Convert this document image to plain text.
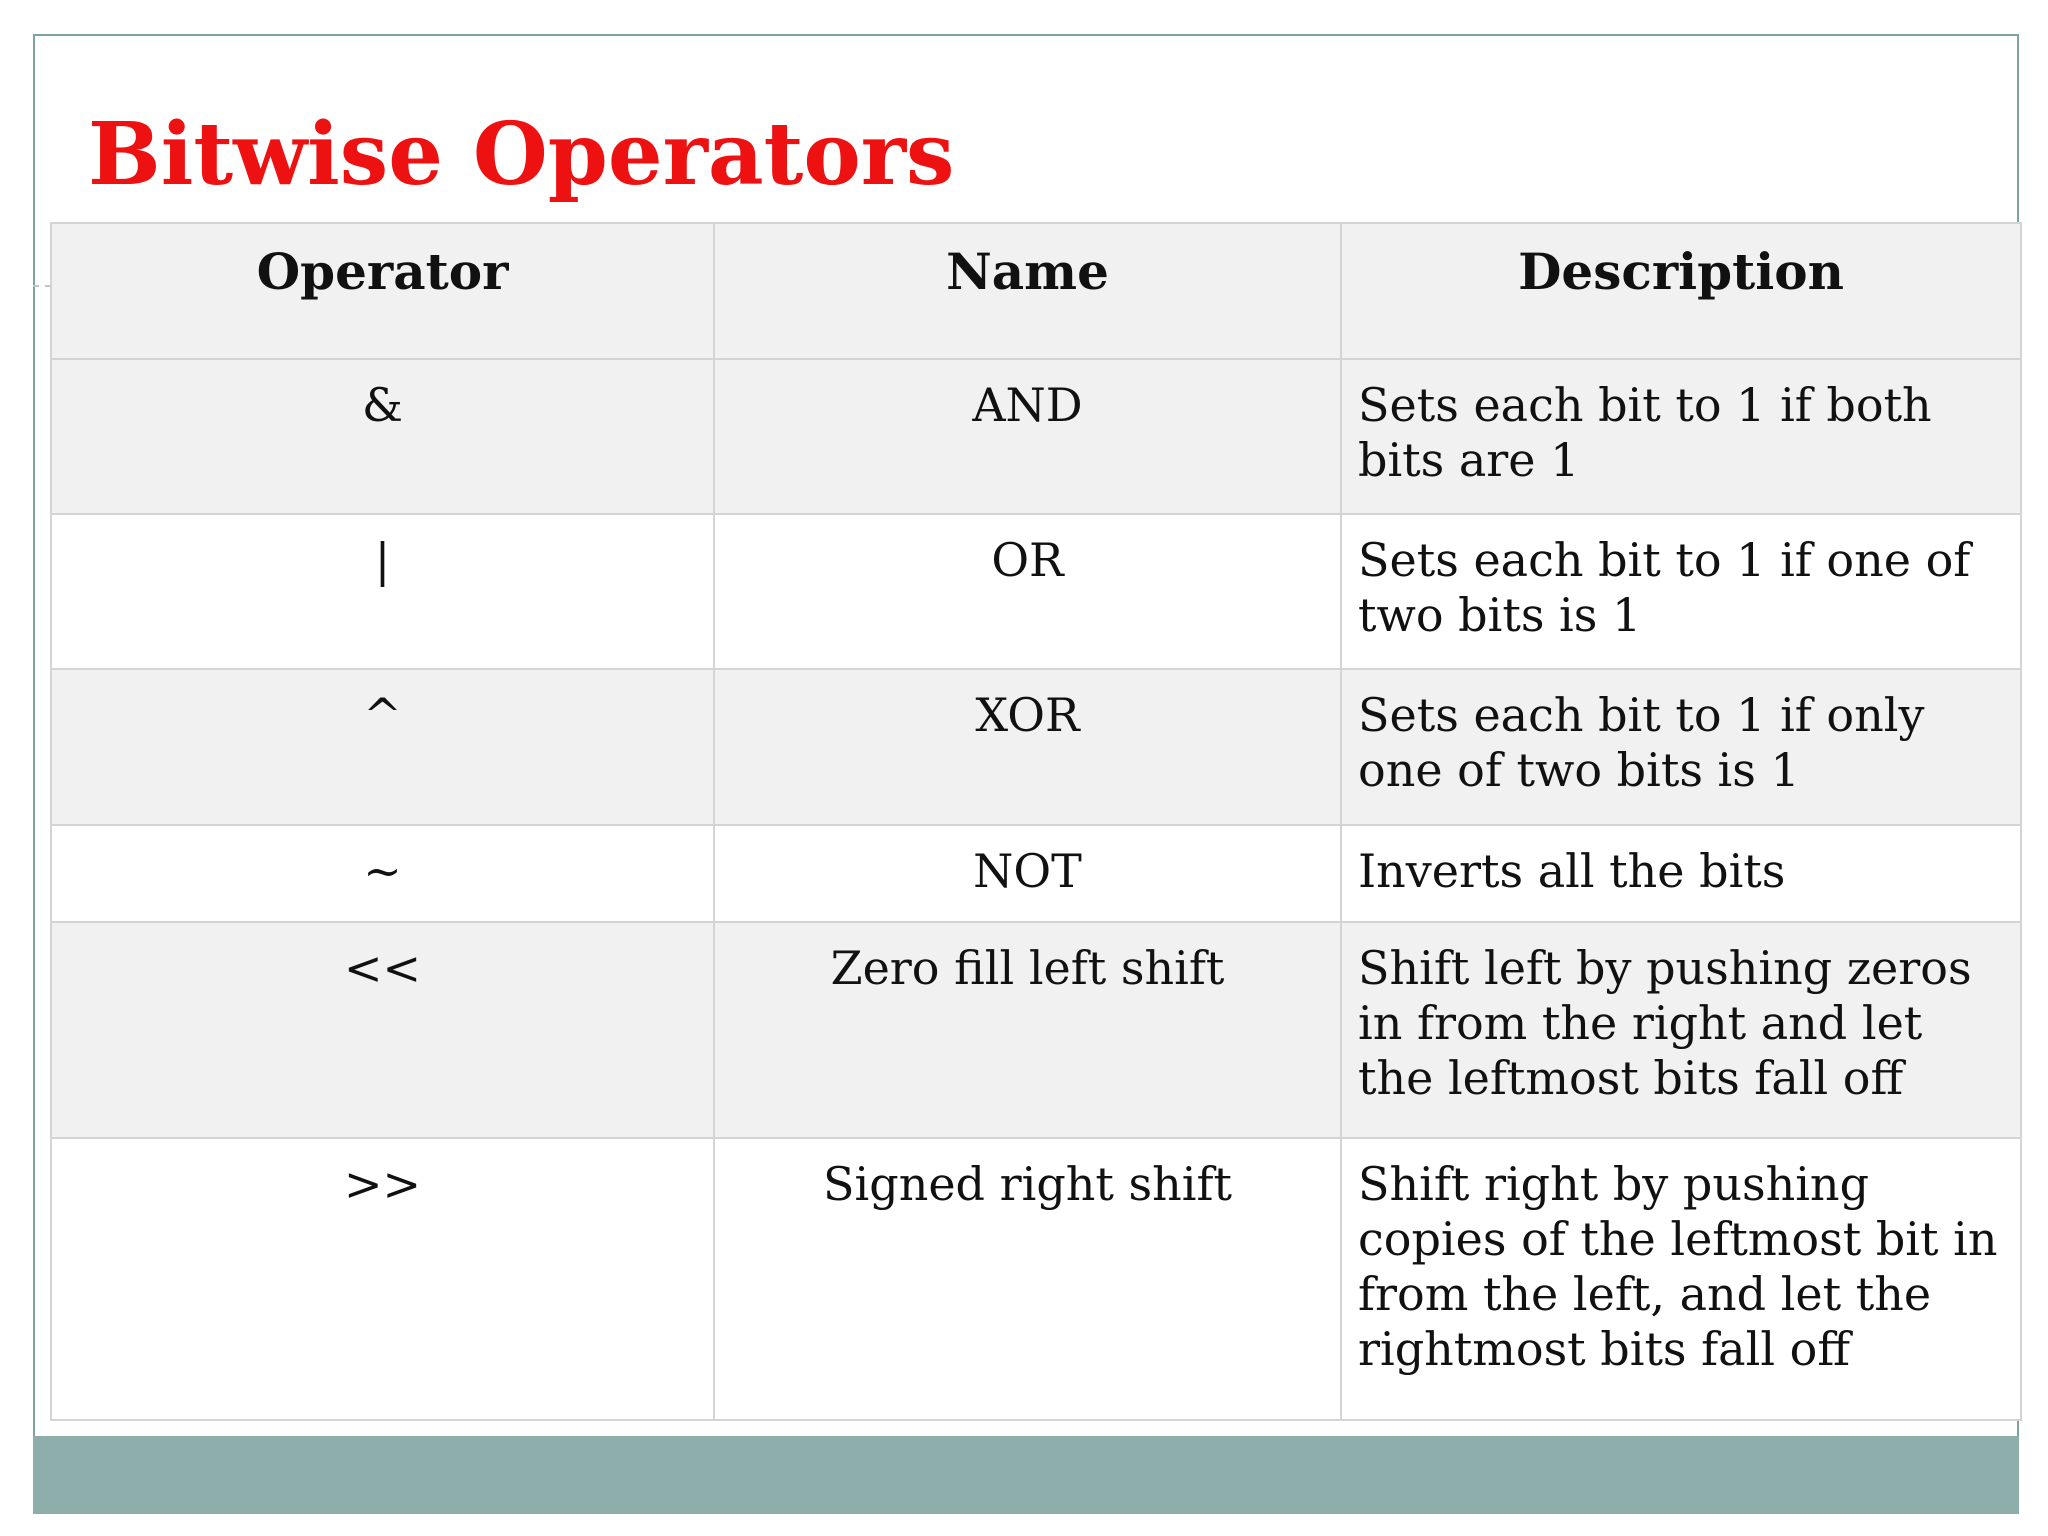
Bitwise Operators
Operator	Name	Description
&	AND	Sets each bit to 1 if both bits are 1
|	OR	Sets each bit to 1 if one of two bits is 1
^	XOR	Sets each bit to 1 if only one of two bits is 1
~	NOT	Inverts all the bits
<<	Zero fill left shift	Shift left by pushing zeros in from the right and let the leftmost bits fall off
>>	Signed right shift	Shift right by pushing copies of the leftmost bit in from the left, and let the rightmost bits fall off
